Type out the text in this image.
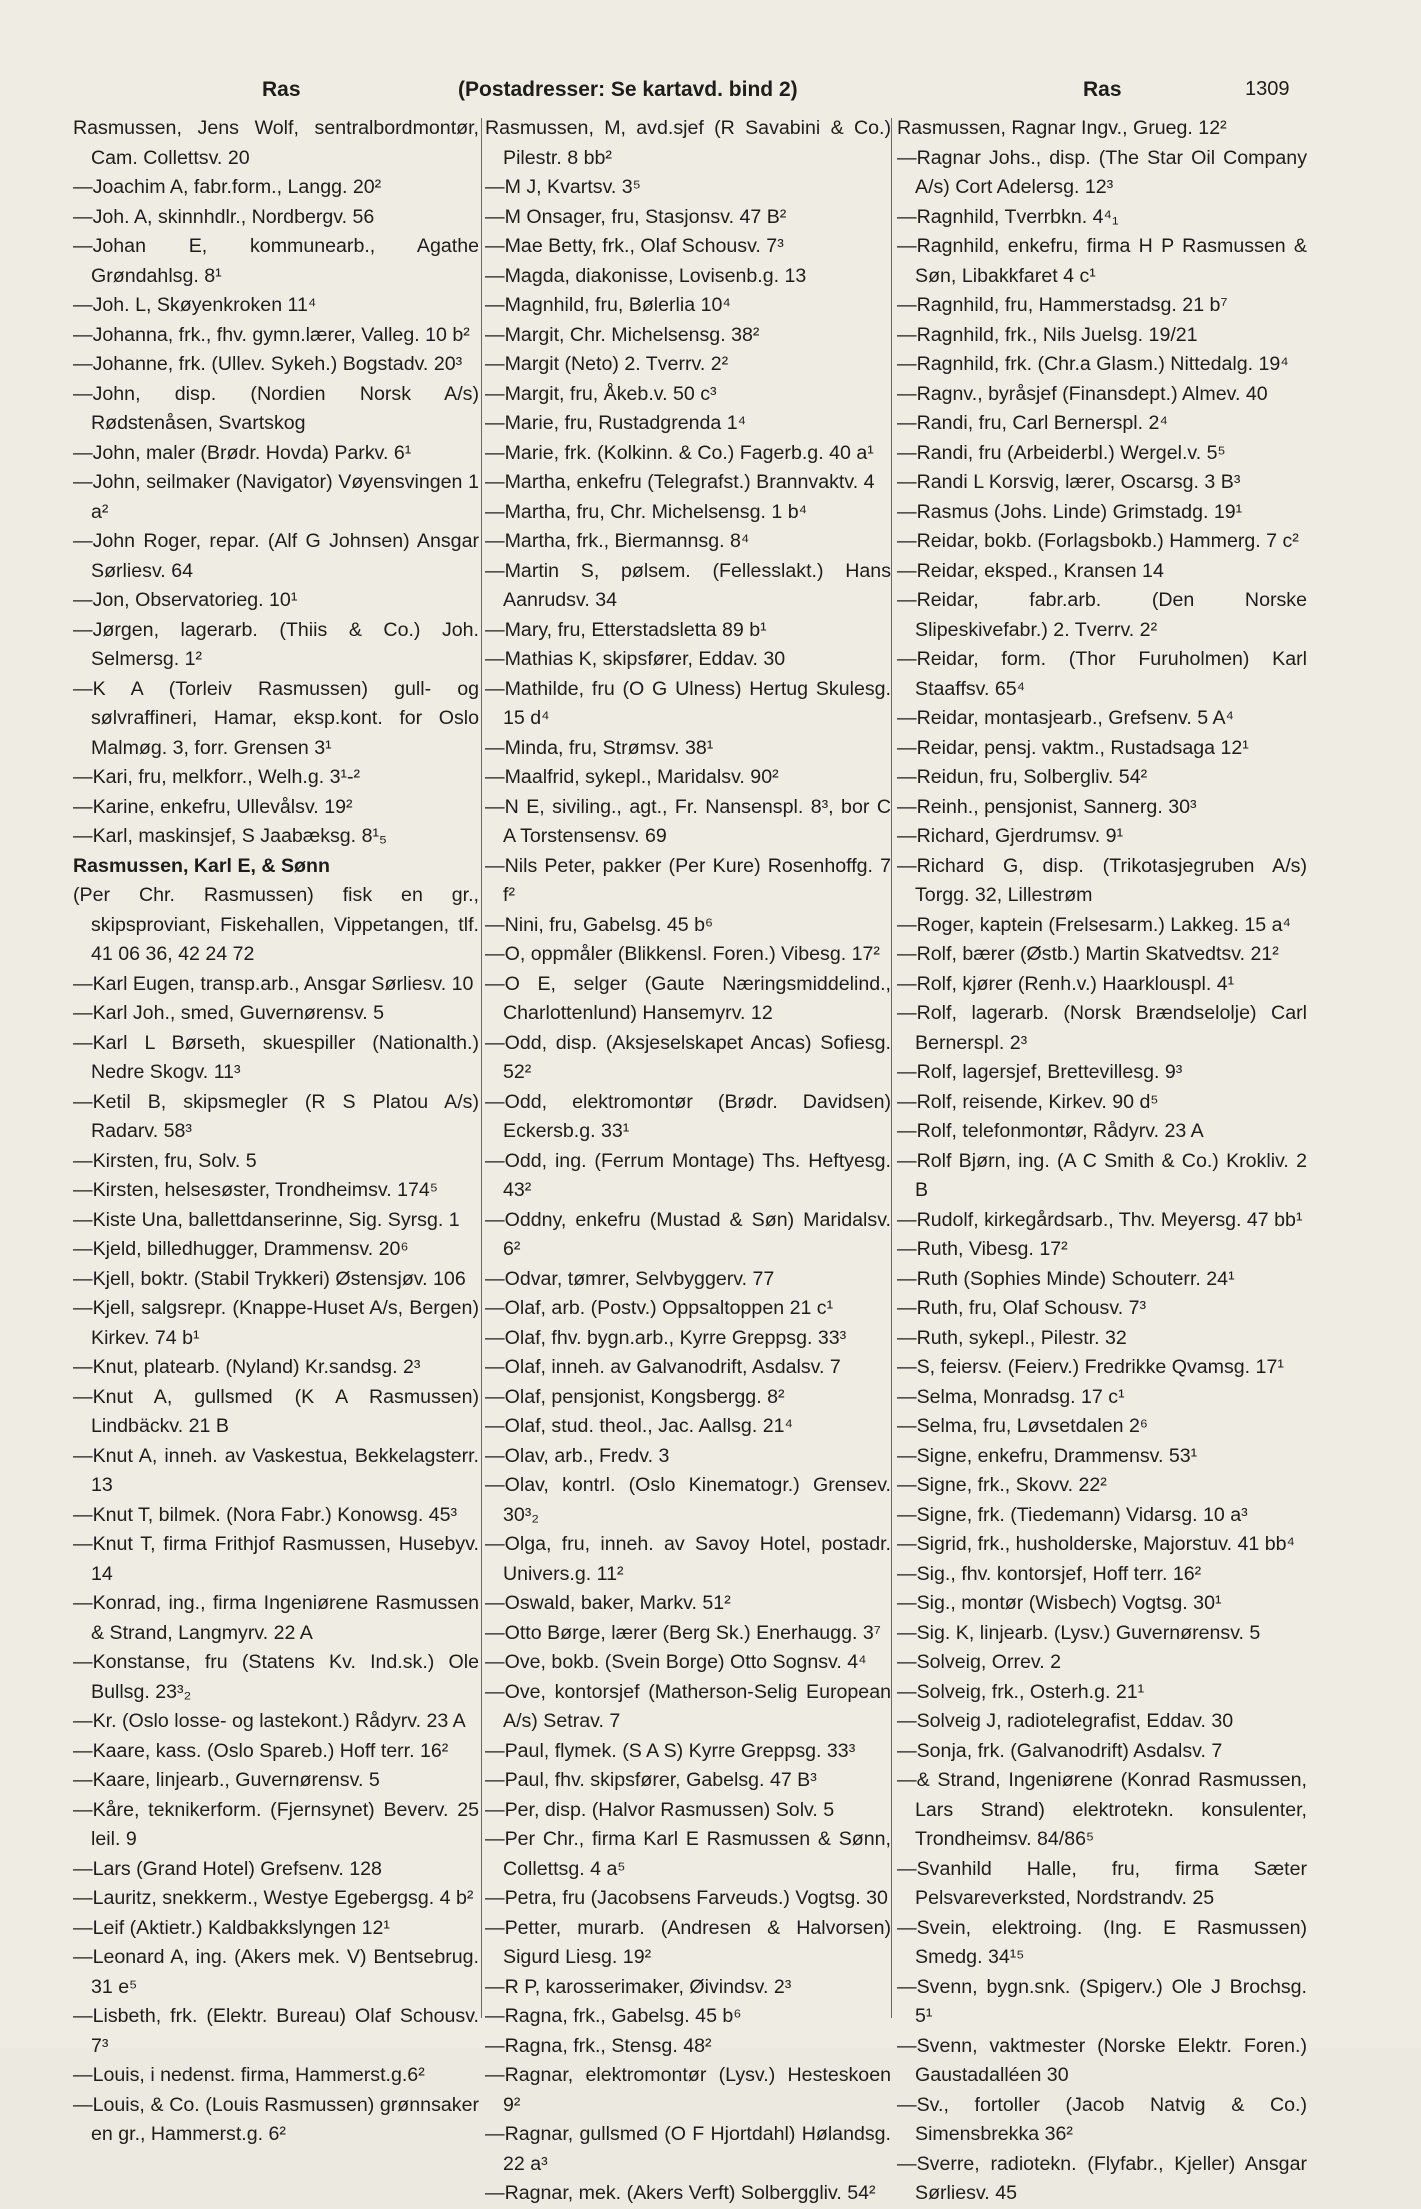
Ras	(Postadresser: Se kartavd. bind 2)	Ras	1309
Rasmussen, Jens Wolf, sentralbordmontør, Cam. Collettsv. 20
—Joachim A, fabr.form., Langg. 20²
—Joh. A, skinnhdlr., Nordbergv. 56
—Johan E, kommunearb., Agathe Grøndahlsg. 8¹
—Joh. L, Skøyenkroken 11⁴
—Johanna, frk., fhv. gymn.lærer, Valleg. 10 b²
—Johanne, frk. (Ullev. Sykeh.) Bogstadv. 20³
—John, disp. (Nordien Norsk A/s) Rødstenåsen, Svartskog
—John, maler (Brødr. Hovda) Parkv. 6¹
—John, seilmaker (Navigator) Vøyensvingen 1 a²
—John Roger, repar. (Alf G Johnsen) Ansgar Sørliesv. 64
—Jon, Observatorieg. 10¹
—Jørgen, lagerarb. (Thiis & Co.) Joh. Selmersg. 1²
—K A (Torleiv Rasmussen) gull- og sølvraffineri, Hamar, eksp.kont. for Oslo Malmøg. 3, forr. Grensen 3¹
—Kari, fru, melkforr., Welh.g. 3¹-²
—Karine, enkefru, Ullevålsv. 19²
—Karl, maskinsjef, S Jaabæksg. 8¹₅
Rasmussen, Karl E, & Sønn
(Per Chr. Rasmussen) fisk en gr., skipsproviant, Fiskehallen, Vippetangen, tlf. 41 06 36, 42 24 72
—Karl Eugen, transp.arb., Ansgar Sørliesv. 10
—Karl Joh., smed, Guvernørensv. 5
—Karl L Børseth, skuespiller (Nationalth.) Nedre Skogv. 11³
—Ketil B, skipsmegler (R S Platou A/s) Radarv. 58³
—Kirsten, fru, Solv. 5
—Kirsten, helsesøster, Trondheimsv. 174⁵
—Kiste Una, ballettdanserinne, Sig. Syrsg. 1
—Kjeld, billedhugger, Drammensv. 20⁶
—Kjell, boktr. (Stabil Trykkeri) Østensjøv. 106
—Kjell, salgsrepr. (Knappe-Huset A/s, Bergen) Kirkev. 74 b¹
—Knut, platearb. (Nyland) Kr.sandsg. 2³
—Knut A, gullsmed (K A Rasmussen) Lindbäckv. 21 B
—Knut A, inneh. av Vaskestua, Bekkelagsterr. 13
—Knut T, bilmek. (Nora Fabr.) Konowsg. 45³
—Knut T, firma Frithjof Rasmussen, Husebyv. 14
—Konrad, ing., firma Ingeniørene Rasmussen & Strand, Langmyrv. 22 A
—Konstanse, fru (Statens Kv. Ind.sk.) Ole Bullsg. 23³₂
—Kr. (Oslo losse- og lastekont.) Rådyrv. 23 A
—Kaare, kass. (Oslo Spareb.) Hoff terr. 16²
—Kaare, linjearb., Guvernørensv. 5
—Kåre, teknikerform. (Fjernsynet) Beverv. 25 leil. 9
—Lars (Grand Hotel) Grefsenv. 128
—Lauritz, snekkerm., Westye Egebergsg. 4 b²
—Leif (Aktietr.) Kaldbakkslyngen 12¹
—Leonard A, ing. (Akers mek. V) Bentsebrug. 31 e⁵
—Lisbeth, frk. (Elektr. Bureau) Olaf Schousv. 7³
—Louis, i nedenst. firma, Hammerst.g.6²
—Louis, & Co. (Louis Rasmussen) grønnsaker en gr., Hammerst.g. 6²
Rasmussen, M, avd.sjef (R Savabini & Co.) Pilestr. 8 bb²
—M J, Kvartsv. 3⁵
—M Onsager, fru, Stasjonsv. 47 B²
—Mae Betty, frk., Olaf Schousv. 7³
—Magda, diakonisse, Lovisenb.g. 13
—Magnhild, fru, Bølerlia 10⁴
—Margit, Chr. Michelsensg. 38²
—Margit (Neto) 2. Tverrv. 2²
—Margit, fru, Åkeb.v. 50 c³
—Marie, fru, Rustadgrenda 1⁴
—Marie, frk. (Kolkinn. & Co.) Fagerb.g. 40 a¹
—Martha, enkefru (Telegrafst.) Brannvaktv. 4
—Martha, fru, Chr. Michelsensg. 1 b⁴
—Martha, frk., Biermannsg. 8⁴
—Martin S, pølsem. (Fellesslakt.) Hans Aanrudsv. 34
—Mary, fru, Etterstadsletta 89 b¹
—Mathias K, skipsfører, Eddav. 30
—Mathilde, fru (O G Ulness) Hertug Skulesg. 15 d⁴
—Minda, fru, Strømsv. 38¹
—Maalfrid, sykepl., Maridalsv. 90²
—N E, siviling., agt., Fr. Nansenspl. 8³, bor C A Torstensensv. 69
—Nils Peter, pakker (Per Kure) Rosenhoffg. 7 f²
—Nini, fru, Gabelsg. 45 b⁶
—O, oppmåler (Blikkensl. Foren.) Vibesg. 17²
—O E, selger (Gaute Næringsmiddelind., Charlottenlund) Hansemyrv. 12
—Odd, disp. (Aksjeselskapet Ancas) Sofiesg. 52²
—Odd, elektromontør (Brødr. Davidsen) Eckersb.g. 33¹
—Odd, ing. (Ferrum Montage) Ths. Heftyesg. 43²
—Oddny, enkefru (Mustad & Søn) Maridalsv. 6²
—Odvar, tømrer, Selvbyggerv. 77
—Olaf, arb. (Postv.) Oppsaltoppen 21 c¹
—Olaf, fhv. bygn.arb., Kyrre Greppsg. 33³
—Olaf, inneh. av Galvanodrift, Asdalsv. 7
—Olaf, pensjonist, Kongsbergg. 8²
—Olaf, stud. theol., Jac. Aallsg. 21⁴
—Olav, arb., Fredv. 3
—Olav, kontrl. (Oslo Kinematogr.) Grensev. 30³₂
—Olga, fru, inneh. av Savoy Hotel, postadr. Univers.g. 11²
—Oswald, baker, Markv. 51²
—Otto Børge, lærer (Berg Sk.) Enerhaugg. 3⁷
—Ove, bokb. (Svein Borge) Otto Sognsv. 4⁴
—Ove, kontorsjef (Matherson-Selig European A/s) Setrav. 7
—Paul, flymek. (S A S) Kyrre Greppsg. 33³
—Paul, fhv. skipsfører, Gabelsg. 47 B³
—Per, disp. (Halvor Rasmussen) Solv. 5
—Per Chr., firma Karl E Rasmussen & Sønn, Collettsg. 4 a⁵
—Petra, fru (Jacobsens Farveuds.) Vogtsg. 30
—Petter, murarb. (Andresen & Halvorsen) Sigurd Liesg. 19²
—R P, karosserimaker, Øivindsv. 2³
—Ragna, frk., Gabelsg. 45 b⁶
—Ragna, frk., Stensg. 48²
—Ragnar, elektromontør (Lysv.) Hesteskoen 9²
—Ragnar, gullsmed (O F Hjortdahl) Hølandsg. 22 a³
—Ragnar, mek. (Akers Verft) Solberggliv. 54²
Rasmussen, Ragnar Ingv., Grueg. 12²
—Ragnar Johs., disp. (The Star Oil Company A/s) Cort Adelersg. 12³
—Ragnhild, Tverrbkn. 4⁴₁
—Ragnhild, enkefru, firma H P Rasmussen & Søn, Libakkfaret 4 c¹
—Ragnhild, fru, Hammerstadsg. 21 b⁷
—Ragnhild, frk., Nils Juelsg. 19/21
—Ragnhild, frk. (Chr.a Glasm.) Nittedalg. 19⁴
—Ragnv., byråsjef (Finansdept.) Almev. 40
—Randi, fru, Carl Bernerspl. 2⁴
—Randi, fru (Arbeiderbl.) Wergel.v. 5⁵
—Randi L Korsvig, lærer, Oscarsg. 3 B³
—Rasmus (Johs. Linde) Grimstadg. 19¹
—Reidar, bokb. (Forlagsbokb.) Hammerg. 7 c²
—Reidar, eksped., Kransen 14
—Reidar, fabr.arb. (Den Norske Slipeskivefabr.) 2. Tverrv. 2²
—Reidar, form. (Thor Furuholmen) Karl Staaffsv. 65⁴
—Reidar, montasjearb., Grefsenv. 5 A⁴
—Reidar, pensj. vaktm., Rustadsaga 12¹
—Reidun, fru, Solbergliv. 54²
—Reinh., pensjonist, Sannerg. 30³
—Richard, Gjerdrumsv. 9¹
—Richard G, disp. (Trikotasjegruben A/s) Torgg. 32, Lillestrøm
—Roger, kaptein (Frelsesarm.) Lakkeg. 15 a⁴
—Rolf, bærer (Østb.) Martin Skatvedtsv. 21²
—Rolf, kjører (Renh.v.) Haarklouspl. 4¹
—Rolf, lagerarb. (Norsk Brændselolje) Carl Bernerspl. 2³
—Rolf, lagersjef, Brettevillesg. 9³
—Rolf, reisende, Kirkev. 90 d⁵
—Rolf, telefonmontør, Rådyrv. 23 A
—Rolf Bjørn, ing. (A C Smith & Co.) Krokliv. 2 B
—Rudolf, kirkegårdsarb., Thv. Meyersg. 47 bb¹
—Ruth, Vibesg. 17²
—Ruth (Sophies Minde) Schouterr. 24¹
—Ruth, fru, Olaf Schousv. 7³
—Ruth, sykepl., Pilestr. 32
—S, feiersv. (Feierv.) Fredrikke Qvamsg. 17¹
—Selma, Monradsg. 17 c¹
—Selma, fru, Løvsetdalen 2⁶
—Signe, enkefru, Drammensv. 53¹
—Signe, frk., Skovv. 22²
—Signe, frk. (Tiedemann) Vidarsg. 10 a³
—Sigrid, frk., husholderske, Majorstuv. 41 bb⁴
—Sig., fhv. kontorsjef, Hoff terr. 16²
—Sig., montør (Wisbech) Vogtsg. 30¹
—Sig. K, linjearb. (Lysv.) Guvernørensv. 5
—Solveig, Orrev. 2
—Solveig, frk., Osterh.g. 21¹
—Solveig J, radiotelegrafist, Eddav. 30
—Sonja, frk. (Galvanodrift) Asdalsv. 7
—& Strand, Ingeniørene (Konrad Rasmussen, Lars Strand) elektrotekn. konsulenter, Trondheimsv. 84/86⁵
—Svanhild Halle, fru, firma Sæter Pelsvareverksted, Nordstrandv. 25
—Svein, elektroing. (Ing. E Rasmussen) Smedg. 34¹⁵
—Svenn, bygn.snk. (Spigerv.) Ole J Brochsg. 5¹
—Svenn, vaktmester (Norske Elektr. Foren.) Gaustadalléen 30
—Sv., fortoller (Jacob Natvig & Co.) Simensbrekka 36²
—Sverre, radiotekn. (Flyfabr., Kjeller) Ansgar Sørliesv. 45
